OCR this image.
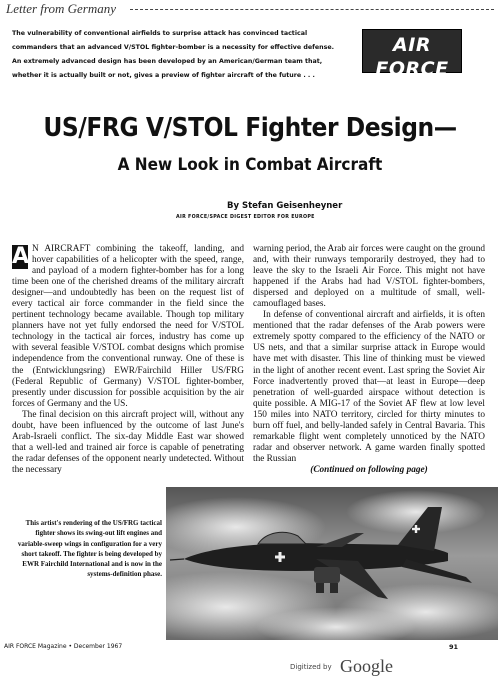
Letter from Germany
The vulnerability of conventional airfields to surprise attack has convinced tactical commanders that an advanced V/STOL fighter-bomber is a necessity for effective defense. An extremely advanced design has been developed by an American/German team that, whether it is actually built or not, gives a preview of fighter aircraft of the future . . .
AIR FORCE
DECEMBER, 1967
US/FRG V/STOL Fighter Design—
A New Look in Combat Aircraft
By Stefan Geisenheyner
AIR FORCE/SPACE DIGEST EDITOR FOR EUROPE

A N AIRCRAFT combining the takeoff, landing, and hover capabilities of a helicopter with the speed, range, and payload of a modern fighter-bomber has for a long time been one of the cherished dreams of the military aircraft designer—and undoubtedly has been on the request list of every tactical air force commander in the field since the pertinent technology became available. Though top military planners have not yet fully endorsed the need for V/STOL technology in the tactical air forces, industry has come up with several feasible V/STOL combat designs which promise independence from the conventional runway. One of these is the (Entwicklungsring) EWR/Fairchild Hiller US/FRG (Federal Republic of Germany) V/STOL fighter-bomber, presently under discussion for possible acquisition by the air forces of Germany and the US.

The final decision on this aircraft project will, without any doubt, have been influenced by the outcome of last June's Arab-Israeli conflict. The six-day Middle East war showed that a well-led and trained air force is capable of penetrating the radar defenses of the opponent nearly undetected. Without the necessary

warning period, the Arab air forces were caught on the ground and, with their runways temporarily destroyed, they had to leave the sky to the Israeli Air Force. This might not have happened if the Arabs had had V/STOL fighter-bombers, dispersed and deployed on a multitude of small, well-camouflaged bases.

In defense of conventional aircraft and airfields, it is often mentioned that the radar defenses of the Arab powers were extremely spotty compared to the efficiency of the NATO or US nets, and that a similar surprise attack in Europe would have met with disaster. This line of thinking must be viewed in the light of another recent event. Last spring the Soviet Air Force inadvertently proved that—at least in Europe—deep penetration of well-guarded airspace without detection is quite possible. A MIG-17 of the Soviet AF flew at low level 150 miles into NATO territory, circled for thirty minutes to burn off fuel, and belly-landed safely in Central Bavaria. This remarkable flight went completely unnoticed by the NATO radar and observer network. A game warden finally spotted the Russian

(Continued on following page)

This artist's rendering of the US/FRG tactical fighter shows its swing-out lift engines and variable-sweep wings in configuration for a very short takeoff. The fighter is being developed by EWR Fairchild International and is now in the systems-definition phase.
AIR FORCE Magazine • December 1967	91
Digitized by Google
